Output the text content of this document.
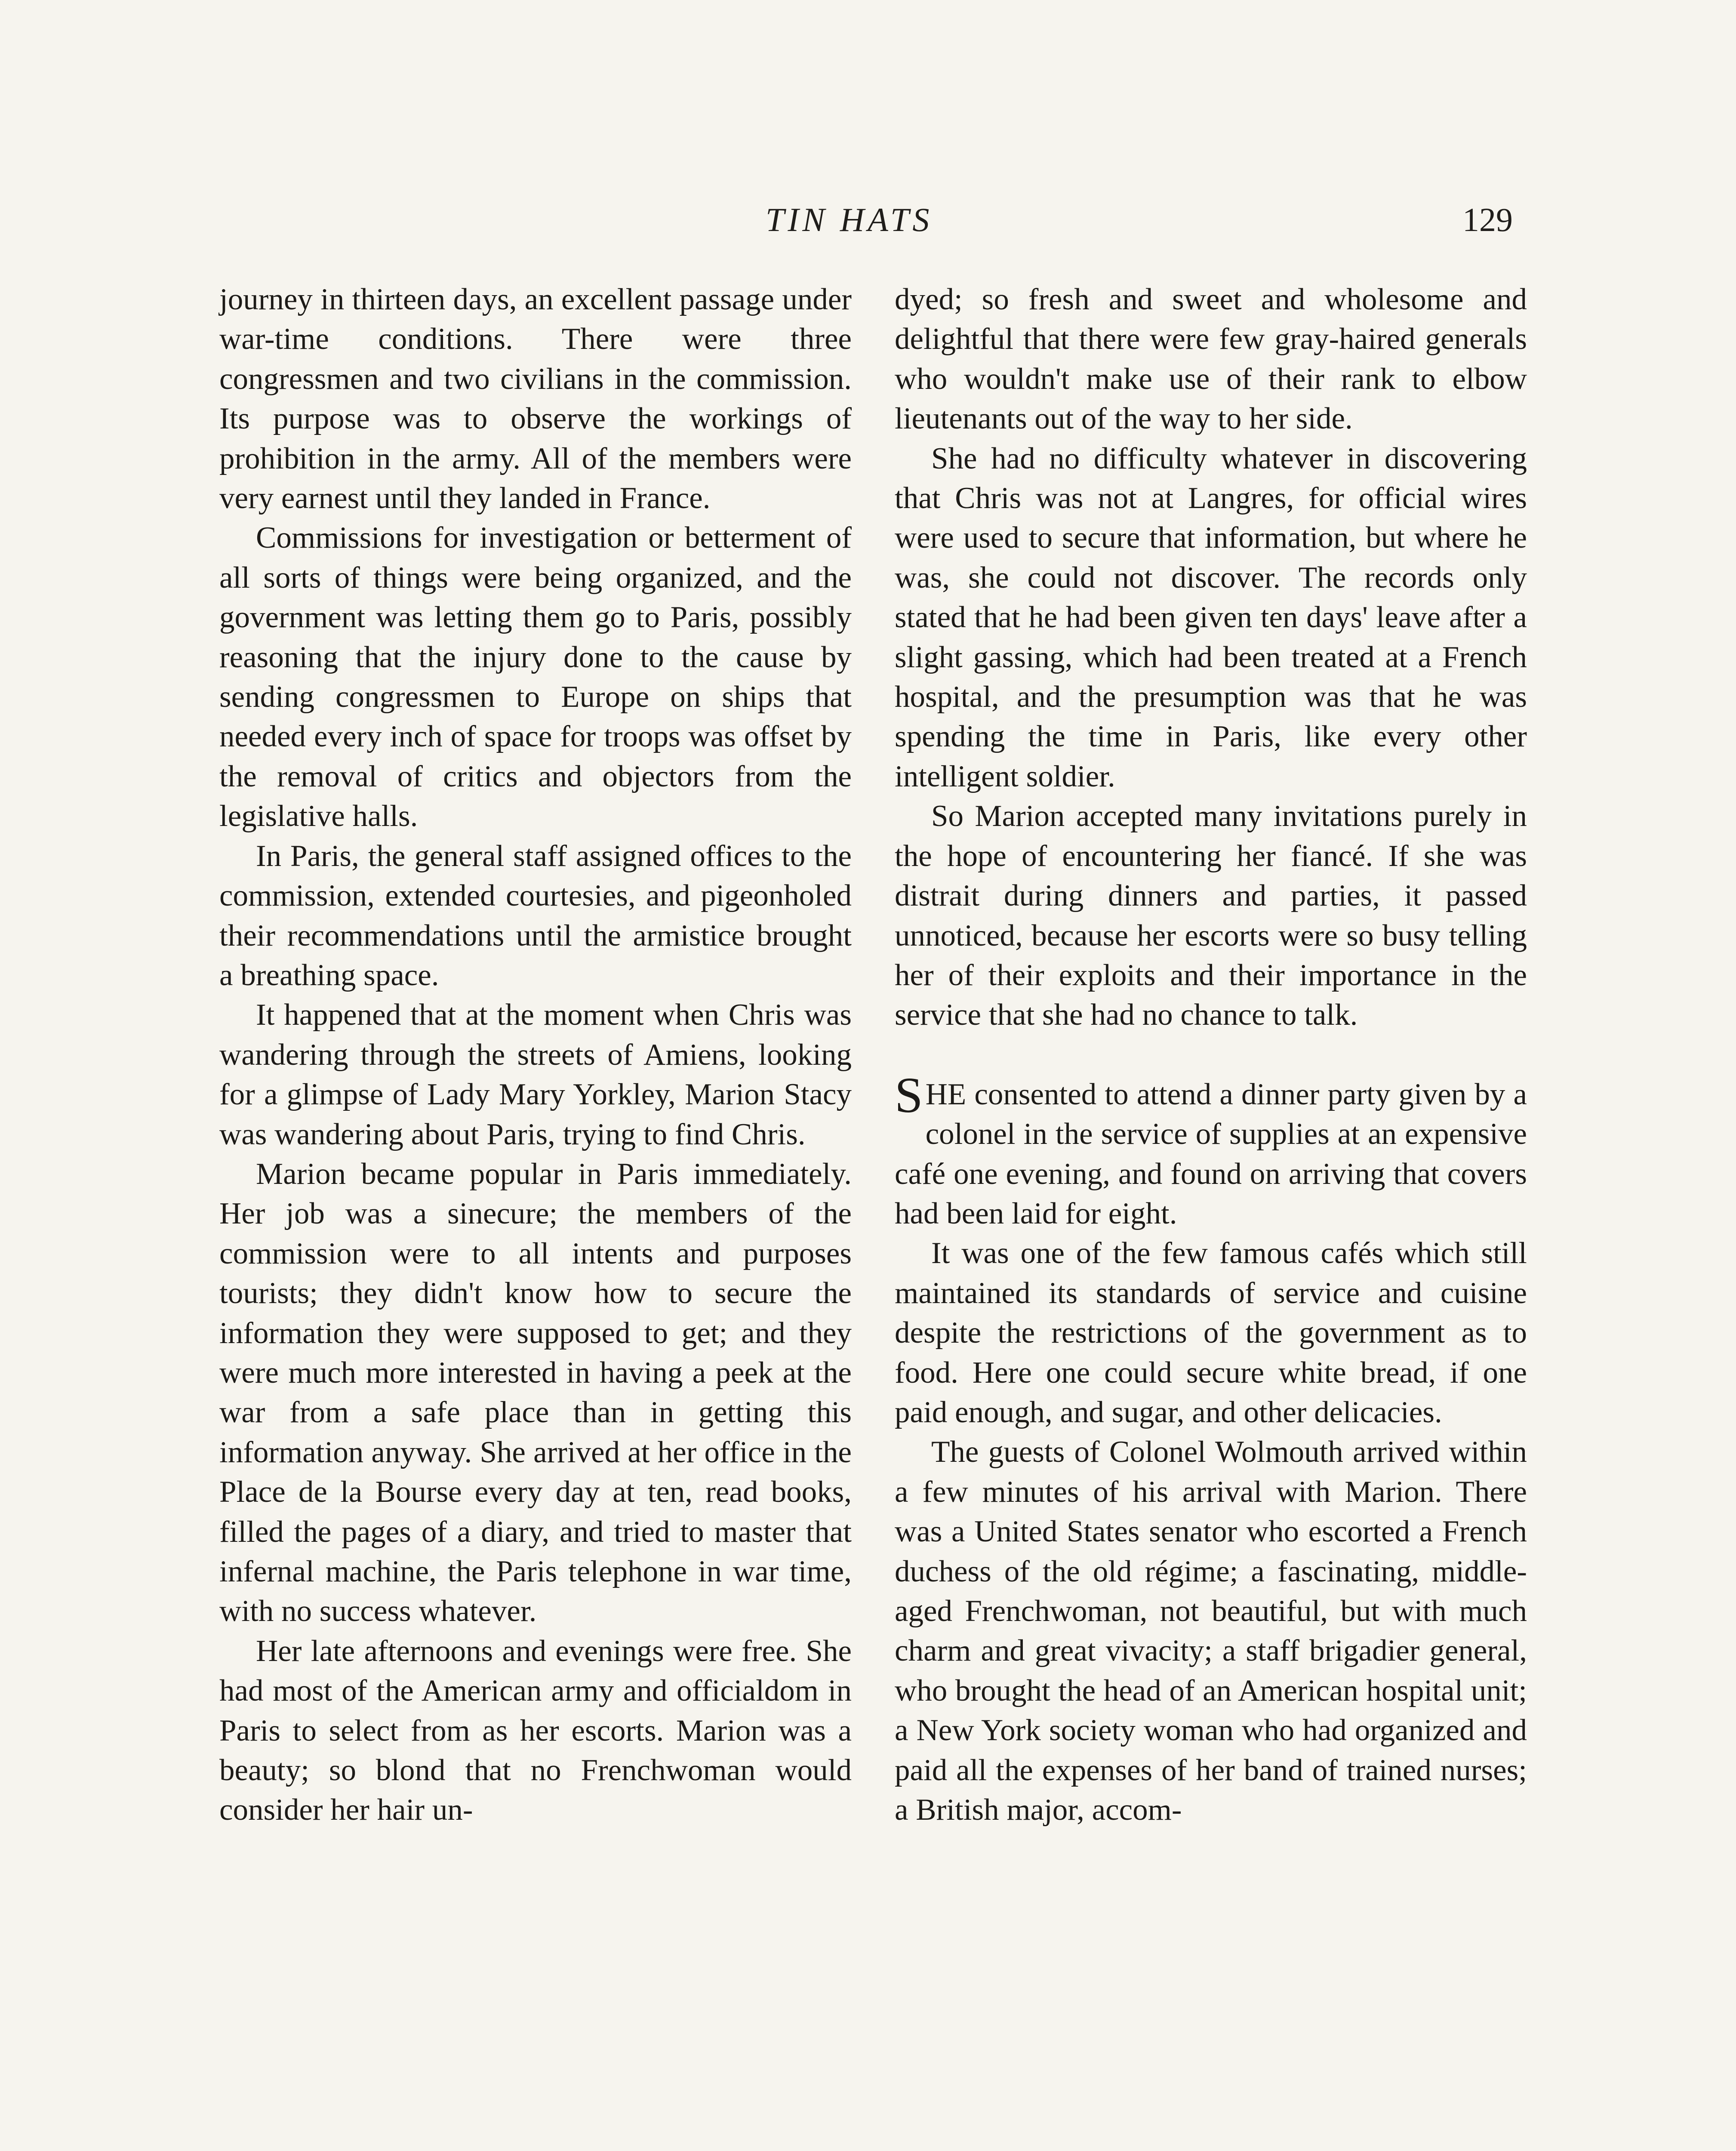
TIN HATS	129

journey in thirteen days, an excellent passage under war-time conditions. There were three congressmen and two civilians in the commission. Its purpose was to observe the workings of prohibition in the army. All of the members were very earnest until they landed in France.

Commissions for investigation or betterment of all sorts of things were being organized, and the government was letting them go to Paris, possibly reasoning that the injury done to the cause by sending congressmen to Europe on ships that needed every inch of space for troops was offset by the removal of critics and objectors from the legislative halls.

In Paris, the general staff assigned offices to the commission, extended courtesies, and pigeonholed their recommendations until the armistice brought a breathing space.

It happened that at the moment when Chris was wandering through the streets of Amiens, looking for a glimpse of Lady Mary Yorkley, Marion Stacy was wandering about Paris, trying to find Chris.

Marion became popular in Paris immediately. Her job was a sinecure; the members of the commission were to all intents and purposes tourists; they didn't know how to secure the information they were supposed to get; and they were much more interested in having a peek at the war from a safe place than in getting this information anyway. She arrived at her office in the Place de la Bourse every day at ten, read books, filled the pages of a diary, and tried to master that infernal machine, the Paris telephone in war time, with no success whatever.

Her late afternoons and evenings were free. She had most of the American army and officialdom in Paris to select from as her escorts. Marion was a beauty; so blond that no Frenchwoman would consider her hair un-

dyed; so fresh and sweet and wholesome and delightful that there were few gray-haired generals who wouldn't make use of their rank to elbow lieutenants out of the way to her side.

She had no difficulty whatever in discovering that Chris was not at Langres, for official wires were used to secure that information, but where he was, she could not discover. The records only stated that he had been given ten days' leave after a slight gassing, which had been treated at a French hospital, and the presumption was that he was spending the time in Paris, like every other intelligent soldier.

So Marion accepted many invitations purely in the hope of encountering her fiancé. If she was distrait during dinners and parties, it passed unnoticed, because her escorts were so busy telling her of their exploits and their importance in the service that she had no chance to talk.

SHE consented to attend a dinner party given by a colonel in the service of supplies at an expensive café one evening, and found on arriving that covers had been laid for eight.

It was one of the few famous cafés which still maintained its standards of service and cuisine despite the restrictions of the government as to food. Here one could secure white bread, if one paid enough, and sugar, and other delicacies.

The guests of Colonel Wolmouth arrived within a few minutes of his arrival with Marion. There was a United States senator who escorted a French duchess of the old régime; a fascinating, middle-aged Frenchwoman, not beautiful, but with much charm and great vivacity; a staff brigadier general, who brought the head of an American hospital unit; a New York society woman who had organized and paid all the expenses of her band of trained nurses; a British major, accom-
